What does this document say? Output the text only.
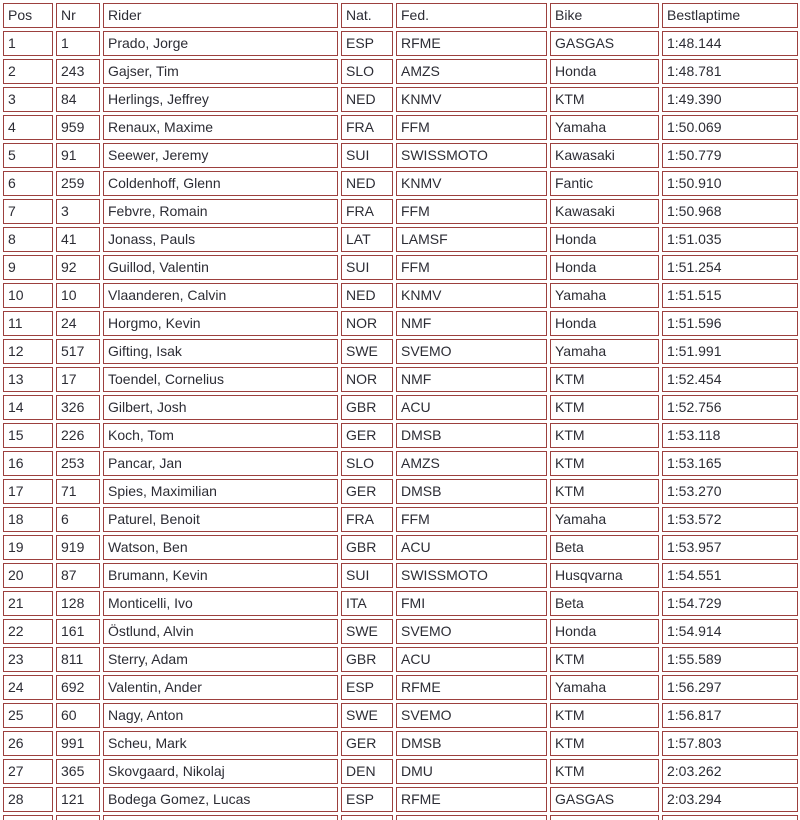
Pos	Nr	Rider	Nat.	Fed.	Bike	Bestlaptime
1	1	Prado, Jorge	ESP	RFME	GASGAS	1:48.144
2	243	Gajser, Tim	SLO	AMZS	Honda	1:48.781
3	84	Herlings, Jeffrey	NED	KNMV	KTM	1:49.390
4	959	Renaux, Maxime	FRA	FFM	Yamaha	1:50.069
5	91	Seewer, Jeremy	SUI	SWISSMOTO	Kawasaki	1:50.779
6	259	Coldenhoff, Glenn	NED	KNMV	Fantic	1:50.910
7	3	Febvre, Romain	FRA	FFM	Kawasaki	1:50.968
8	41	Jonass, Pauls	LAT	LAMSF	Honda	1:51.035
9	92	Guillod, Valentin	SUI	FFM	Honda	1:51.254
10	10	Vlaanderen, Calvin	NED	KNMV	Yamaha	1:51.515
11	24	Horgmo, Kevin	NOR	NMF	Honda	1:51.596
12	517	Gifting, Isak	SWE	SVEMO	Yamaha	1:51.991
13	17	Toendel, Cornelius	NOR	NMF	KTM	1:52.454
14	326	Gilbert, Josh	GBR	ACU	KTM	1:52.756
15	226	Koch, Tom	GER	DMSB	KTM	1:53.118
16	253	Pancar, Jan	SLO	AMZS	KTM	1:53.165
17	71	Spies, Maximilian	GER	DMSB	KTM	1:53.270
18	6	Paturel, Benoit	FRA	FFM	Yamaha	1:53.572
19	919	Watson, Ben	GBR	ACU	Beta	1:53.957
20	87	Brumann, Kevin	SUI	SWISSMOTO	Husqvarna	1:54.551
21	128	Monticelli, Ivo	ITA	FMI	Beta	1:54.729
22	161	Östlund, Alvin	SWE	SVEMO	Honda	1:54.914
23	811	Sterry, Adam	GBR	ACU	KTM	1:55.589
24	692	Valentin, Ander	ESP	RFME	Yamaha	1:56.297
25	60	Nagy, Anton	SWE	SVEMO	KTM	1:56.817
26	991	Scheu, Mark	GER	DMSB	KTM	1:57.803
27	365	Skovgaard, Nikolaj	DEN	DMU	KTM	2:03.262
28	121	Bodega Gomez, Lucas	ESP	RFME	GASGAS	2:03.294
